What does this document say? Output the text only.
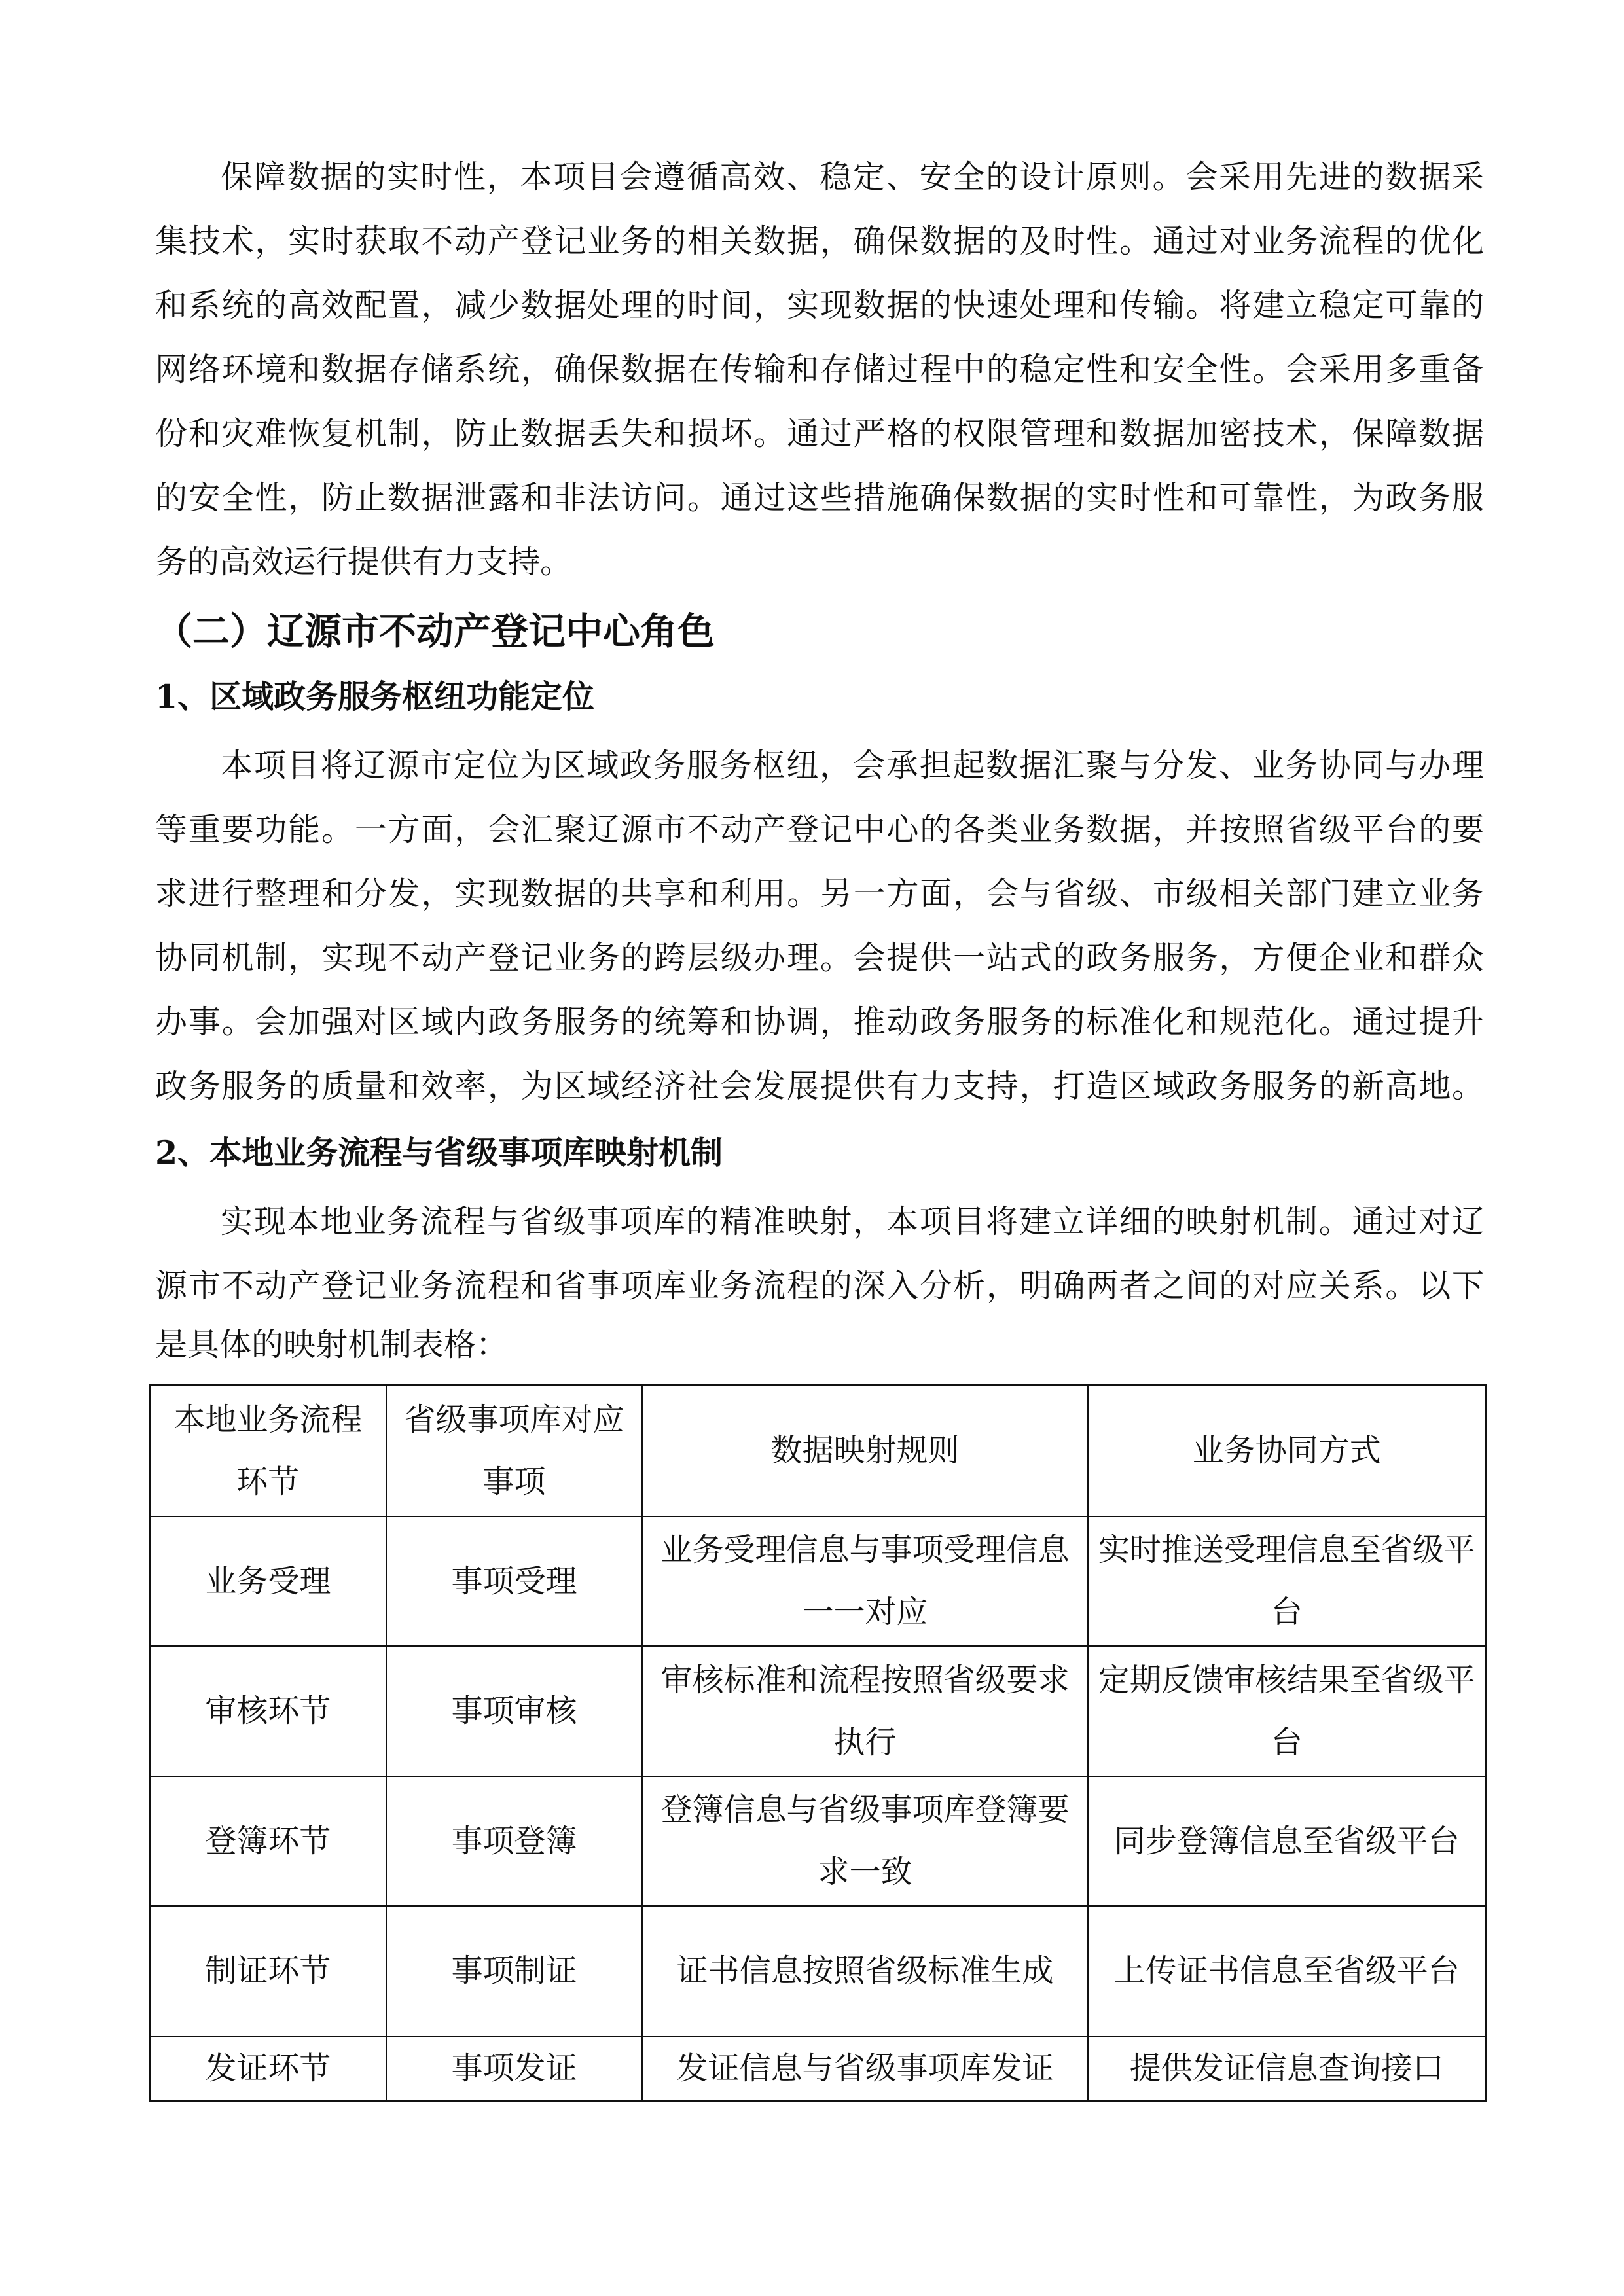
保障数据的实时性，本项目会遵循高效、稳定、安全的设计原则。会采用先进的数据采
集技术，实时获取不动产登记业务的相关数据，确保数据的及时性。通过对业务流程的优化
和系统的高效配置，减少数据处理的时间，实现数据的快速处理和传输。将建立稳定可靠的
网络环境和数据存储系统，确保数据在传输和存储过程中的稳定性和安全性。会采用多重备
份和灾难恢复机制，防止数据丢失和损坏。通过严格的权限管理和数据加密技术，保障数据
的安全性，防止数据泄露和非法访问。通过这些措施确保数据的实时性和可靠性，为政务服
务的高效运行提供有力支持。
（二）辽源市不动产登记中心角色
1、区域政务服务枢纽功能定位
本项目将辽源市定位为区域政务服务枢纽，会承担起数据汇聚与分发、业务协同与办理
等重要功能。一方面，会汇聚辽源市不动产登记中心的各类业务数据，并按照省级平台的要
求进行整理和分发，实现数据的共享和利用。另一方面，会与省级、市级相关部门建立业务
协同机制，实现不动产登记业务的跨层级办理。会提供一站式的政务服务，方便企业和群众
办事。会加强对区域内政务服务的统筹和协调，推动政务服务的标准化和规范化。通过提升
政务服务的质量和效率，为区域经济社会发展提供有力支持，打造区域政务服务的新高地。
2、本地业务流程与省级事项库映射机制
实现本地业务流程与省级事项库的精准映射，本项目将建立详细的映射机制。通过对辽
源市不动产登记业务流程和省事项库业务流程的深入分析，明确两者之间的对应关系。以下
是具体的映射机制表格：
本地业务流程环节	省级事项库对应事项	数据映射规则	业务协同方式
业务受理	事项受理	业务受理信息与事项受理信息一一对应	实时推送受理信息至省级平台
审核环节	事项审核	审核标准和流程按照省级要求执行	定期反馈审核结果至省级平台
登簿环节	事项登簿	登簿信息与省级事项库登簿要求一致	同步登簿信息至省级平台
制证环节	事项制证	证书信息按照省级标准生成	上传证书信息至省级平台
发证环节	事项发证	发证信息与省级事项库发证	提供发证信息查询接口
